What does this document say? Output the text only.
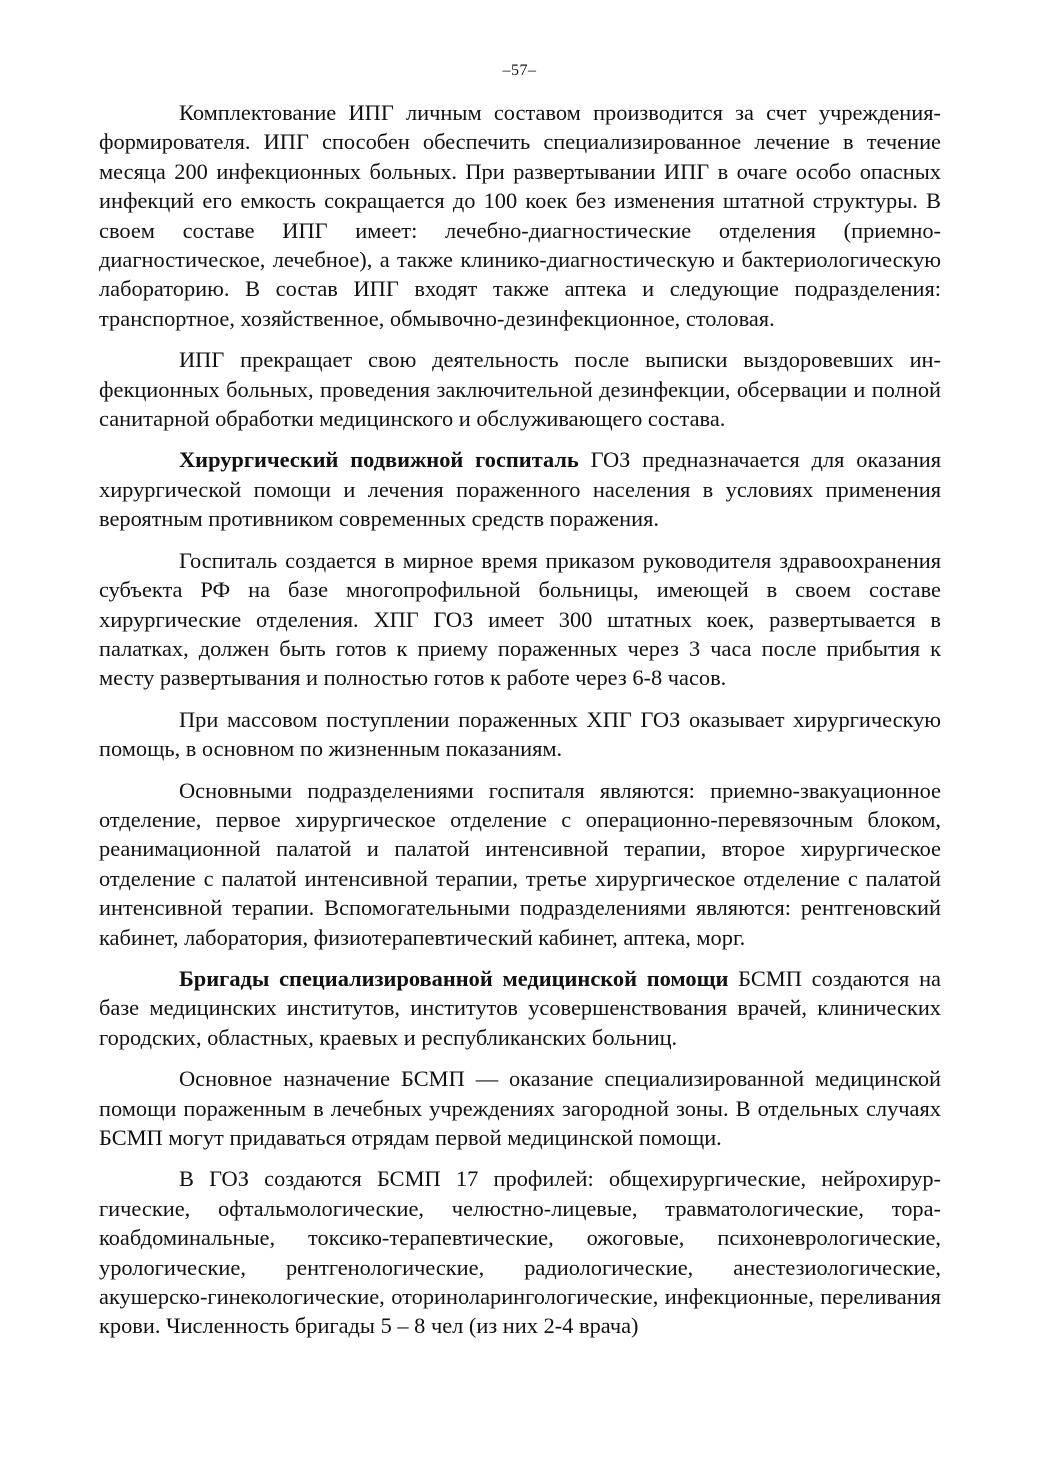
–57–

Комплектование ИПГ личным составом производится за счет учреждения-формирователя. ИПГ способен обеспечить специализированное лечение в течение месяца 200 инфекционных больных. При развертывании ИПГ в очаге особо опасных инфекций его емкость сокращается до 100 коек без изменения штатной структуры. В своем составе ИПГ имеет: лечебно-диагностические отделения (приемно-диагностическое, лечебное), а также клинико-диагностическую и бактериологическую лабораторию. В состав ИПГ входят также аптека и следующие подразделения: транспортное, хозяйственное, обмывочно-дезинфекционное, столовая.

ИПГ прекращает свою деятельность после выписки выздоровевших инфекционных больных, проведения заключительной дезинфекции, обсервации и полной санитарной обработки медицинского и обслуживающего состава.

Хирургический подвижной госпиталь ГОЗ предназначается для оказания хирургической помощи и лечения пораженного населения в условиях применения вероятным противником современных средств поражения.

Госпиталь создается в мирное время приказом руководителя здравоохранения субъекта РФ на базе многопрофильной больницы, имеющей в своем составе хирургические отделения. ХПГ ГОЗ имеет 300 штатных коек, развертывается в палатках, должен быть готов к приему пораженных через 3 часа после прибытия к месту развертывания и полностью готов к работе через 6-8 часов.

При массовом поступлении пораженных ХПГ ГОЗ оказывает хирургическую помощь, в основном по жизненным показаниям.

Основными подразделениями госпиталя являются: приемно-звакуационное отделение, первое хирургическое отделение с операционно-перевязочным блоком, реанимационной палатой и палатой интенсивной терапии, второе хирургическое отделение с палатой интенсивной терапии, третье хирургическое отделение с палатой интенсивной терапии. Вспомогательными подразделениями являются: рентгеновский кабинет, лаборатория, физиотерапевтический кабинет, аптека, морг.

Бригады специализированной медицинской помощи БСМП создаются на базе медицинских институтов, институтов усовершенствования врачей, клинических городских, областных, краевых и республиканских больниц.

Основное назначение БСМП — оказание специализированной медицинской помощи пораженным в лечебных учреждениях загородной зоны. В отдельных случаях БСМП могут придаваться отрядам первой медицинской помощи.

В ГОЗ создаются БСМП 17 профилей: общехирургические, нейрохирургические, офтальмологические, челюстно-лицевые, травматологические, торакоабдоминальные, токсико-терапевтические, ожоговые, психоневрологические, урологические, рентгенологические, радиологические, анестезиологические, акушерско-гинекологические, оториноларингологические, инфекционные, переливания крови. Численность бригады 5 – 8 чел (из них 2-4 врача)
